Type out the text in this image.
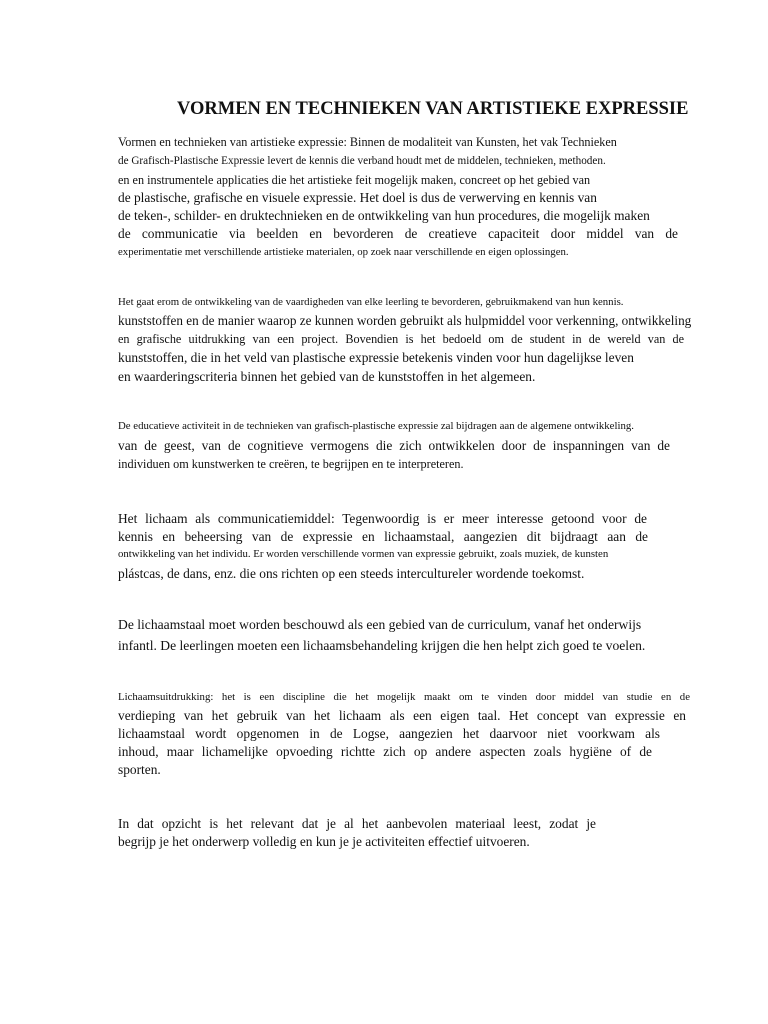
VORMEN EN TECHNIEKEN VAN ARTISTIEKE EXPRESSIE
Vormen en technieken van artistieke expressie: Binnen de modaliteit van Kunsten, het vak Technieken
de Grafisch-Plastische Expressie levert de kennis die verband houdt met de middelen, technieken, methoden.
en en instrumentele applicaties die het artistieke feit mogelijk maken, concreet op het gebied van
de plastische, grafische en visuele expressie. Het doel is dus de verwerving en kennis van
de teken-, schilder- en druktechnieken en de ontwikkeling van hun procedures, die mogelijk maken
de communicatie via beelden en bevorderen de creatieve capaciteit door middel van de
experimentatie met verschillende artistieke materialen, op zoek naar verschillende en eigen oplossingen.
Het gaat erom de ontwikkeling van de vaardigheden van elke leerling te bevorderen, gebruikmakend van hun kennis.
kunststoffen en de manier waarop ze kunnen worden gebruikt als hulpmiddel voor verkenning, ontwikkeling
en grafische uitdrukking van een project. Bovendien is het bedoeld om de student in de wereld van de
kunststoffen, die in het veld van plastische expressie betekenis vinden voor hun dagelijkse leven
en waarderingscriteria binnen het gebied van de kunststoffen in het algemeen.
De educatieve activiteit in de technieken van grafisch-plastische expressie zal bijdragen aan de algemene ontwikkeling.
van de geest, van de cognitieve vermogens die zich ontwikkelen door de inspanningen van de
individuen om kunstwerken te creëren, te begrijpen en te interpreteren.
Het lichaam als communicatiemiddel: Tegenwoordig is er meer interesse getoond voor de
kennis en beheersing van de expressie en lichaamstaal, aangezien dit bijdraagt aan de
ontwikkeling van het individu. Er worden verschillende vormen van expressie gebruikt, zoals muziek, de kunsten
plástcas, de dans, enz. die ons richten op een steeds intercultureler wordende toekomst.
De lichaamstaal moet worden beschouwd als een gebied van de curriculum, vanaf het onderwijs
infantl. De leerlingen moeten een lichaamsbehandeling krijgen die hen helpt zich goed te voelen.
Lichaamsuitdrukking: het is een discipline die het mogelijk maakt om te vinden door middel van studie en de
verdieping van het gebruik van het lichaam als een eigen taal. Het concept van expressie en
lichaamstaal wordt opgenomen in de Logse, aangezien het daarvoor niet voorkwam als
inhoud, maar lichamelijke opvoeding richtte zich op andere aspecten zoals hygiëne of de
sporten.
In dat opzicht is het relevant dat je al het aanbevolen materiaal leest, zodat je
begrijp je het onderwerp volledig en kun je je activiteiten effectief uitvoeren.
